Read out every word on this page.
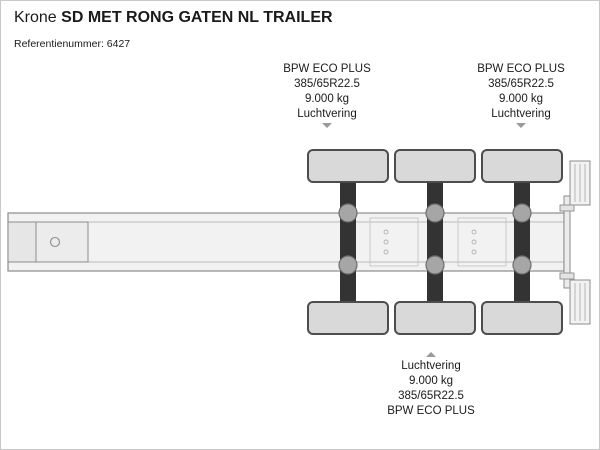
Krone SD MET RONG GATEN NL TRAILER
Referentienummer: 6427
BPW ECO PLUS
385/65R22.5
9.000 kg
Luchtvering
BPW ECO PLUS
385/65R22.5
9.000 kg
Luchtvering
Luchtvering
9.000 kg
385/65R22.5
BPW ECO PLUS
